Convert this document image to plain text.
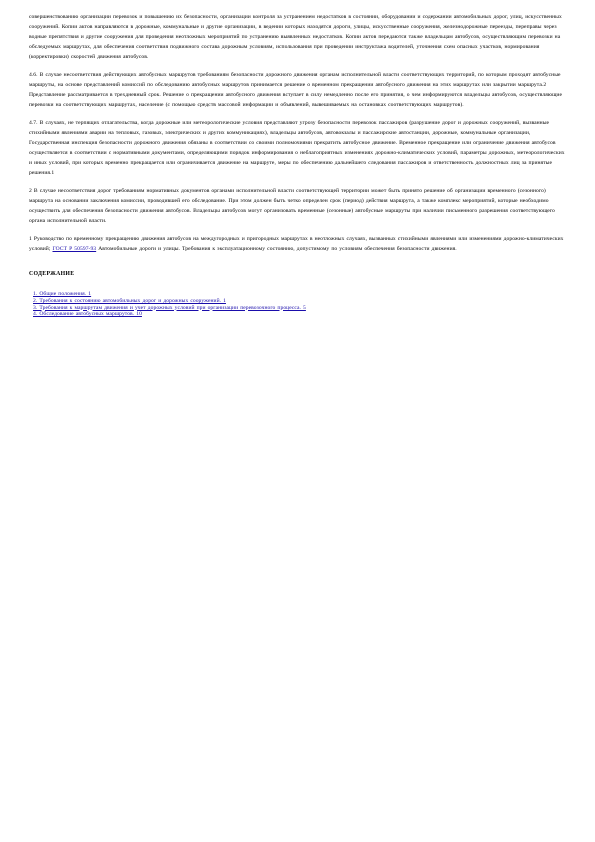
совершенствованию организации перевозок и повышению их безопасности, организации контроля за устранением недостатков в состоянии, оборудовании и содержании автомобильных дорог, улиц, искусственных сооружений. Копии актов направляются в дорожные, коммунальные и другие организации, в ведении которых находятся дороги, улицы, искусственные сооружения, железнодорожные переезды, переправы через водные препятствия и другие сооружения для проведения неотложных мероприятий по устранению выявленных недостатков. Копии актов передаются также владельцам автобусов, осуществляющим перевозки на обследуемых маршрутах, для обеспечения соответствия подвижного состава дорожным условиям, использования при проведении инструктажа водителей, уточнения схем опасных участков, нормирования (корректировки) скоростей движения автобусов.

4.6. В случае несоответствия действующих автобусных маршрутов требованиям безопасности дорожного движения органам исполнительной власти соответствующих территорий, по которым проходят автобусные маршруты, на основе представлений комиссий по обследованию автобусных маршрутов принимается решение о временном прекращении автобусного движения на этих маршрутах или закрытии маршрута.2 Представление рассматривается в трехдневный срок. Решение о прекращении автобусного движения вступает в силу немедленно после его принятия, о чем информируются владельцы автобусов, осуществляющие перевозки на соответствующих маршрутах, население (с помощью средств массовой информации и объявлений, вывешиваемых на остановках соответствующих маршрутов).

4.7. В случаях, не терпящих отлагательства, когда дорожные или метеорологические условия представляют угрозу безопасности перевозок пассажиров (разрушение дорог и дорожных сооружений, вызванные стихийными явлениями аварии на тепловых, газовых, электрических и других коммуникациях), владельцы автобусов, автовокзалы и пассажирские автостанции, дорожные, коммунальные организации, Государственная инспекция безопасности дорожного движения обязаны в соответствии со своими полномочиями прекратить автобусное движение. Временное прекращение или ограничение движения автобусов осуществляется в соответствии с нормативными документами, определяющими порядок информирования о неблагоприятных изменениях дорожно-климатических условий, параметры дорожных, метеорологических и иных условий, при которых временно прекращается или ограничивается движение на маршруте, меры по обеспечению дальнейшего следования пассажиров и ответственность должностных лиц за принятые решения.1

2 В случае несоответствия дорог требованиям нормативных документов органами исполнительной власти соответствующей территории может быть принято решение об организации временного (сезонного) маршрута на основании заключения комиссии, проводившей его обследование. При этом должен быть четко определен срок (период) действия маршрута, а также комплекс мероприятий, которые необходимо осуществить для обеспечения безопасности движения автобусов. Владельцы автобусов могут организовать временные (сезонные) автобусные маршруты при наличии письменного разрешения соответствующего органа исполнительной власти.

1 Руководство по временному прекращению движения автобусов на междугородных и пригородных маршрутах в неотложных случаях, вызванных стихийными явлениями или изменениями дорожно-климатических условий; ГОСТ Р 50597-93 Автомобильные дороги и улицы. Требования к эксплуатационному состоянию, допустимому по условиям обеспечения безопасности движения.

СОДЕРЖАНИЕ
1. Общие положения. 1
2. Требования к состоянию автомобильных дорог и дорожных сооружений. 1
3. Требования к маршрутам движения и учет дорожных условий при организации перевозочного процесса. 5
4. Обследование автобусных маршрутов. 10
